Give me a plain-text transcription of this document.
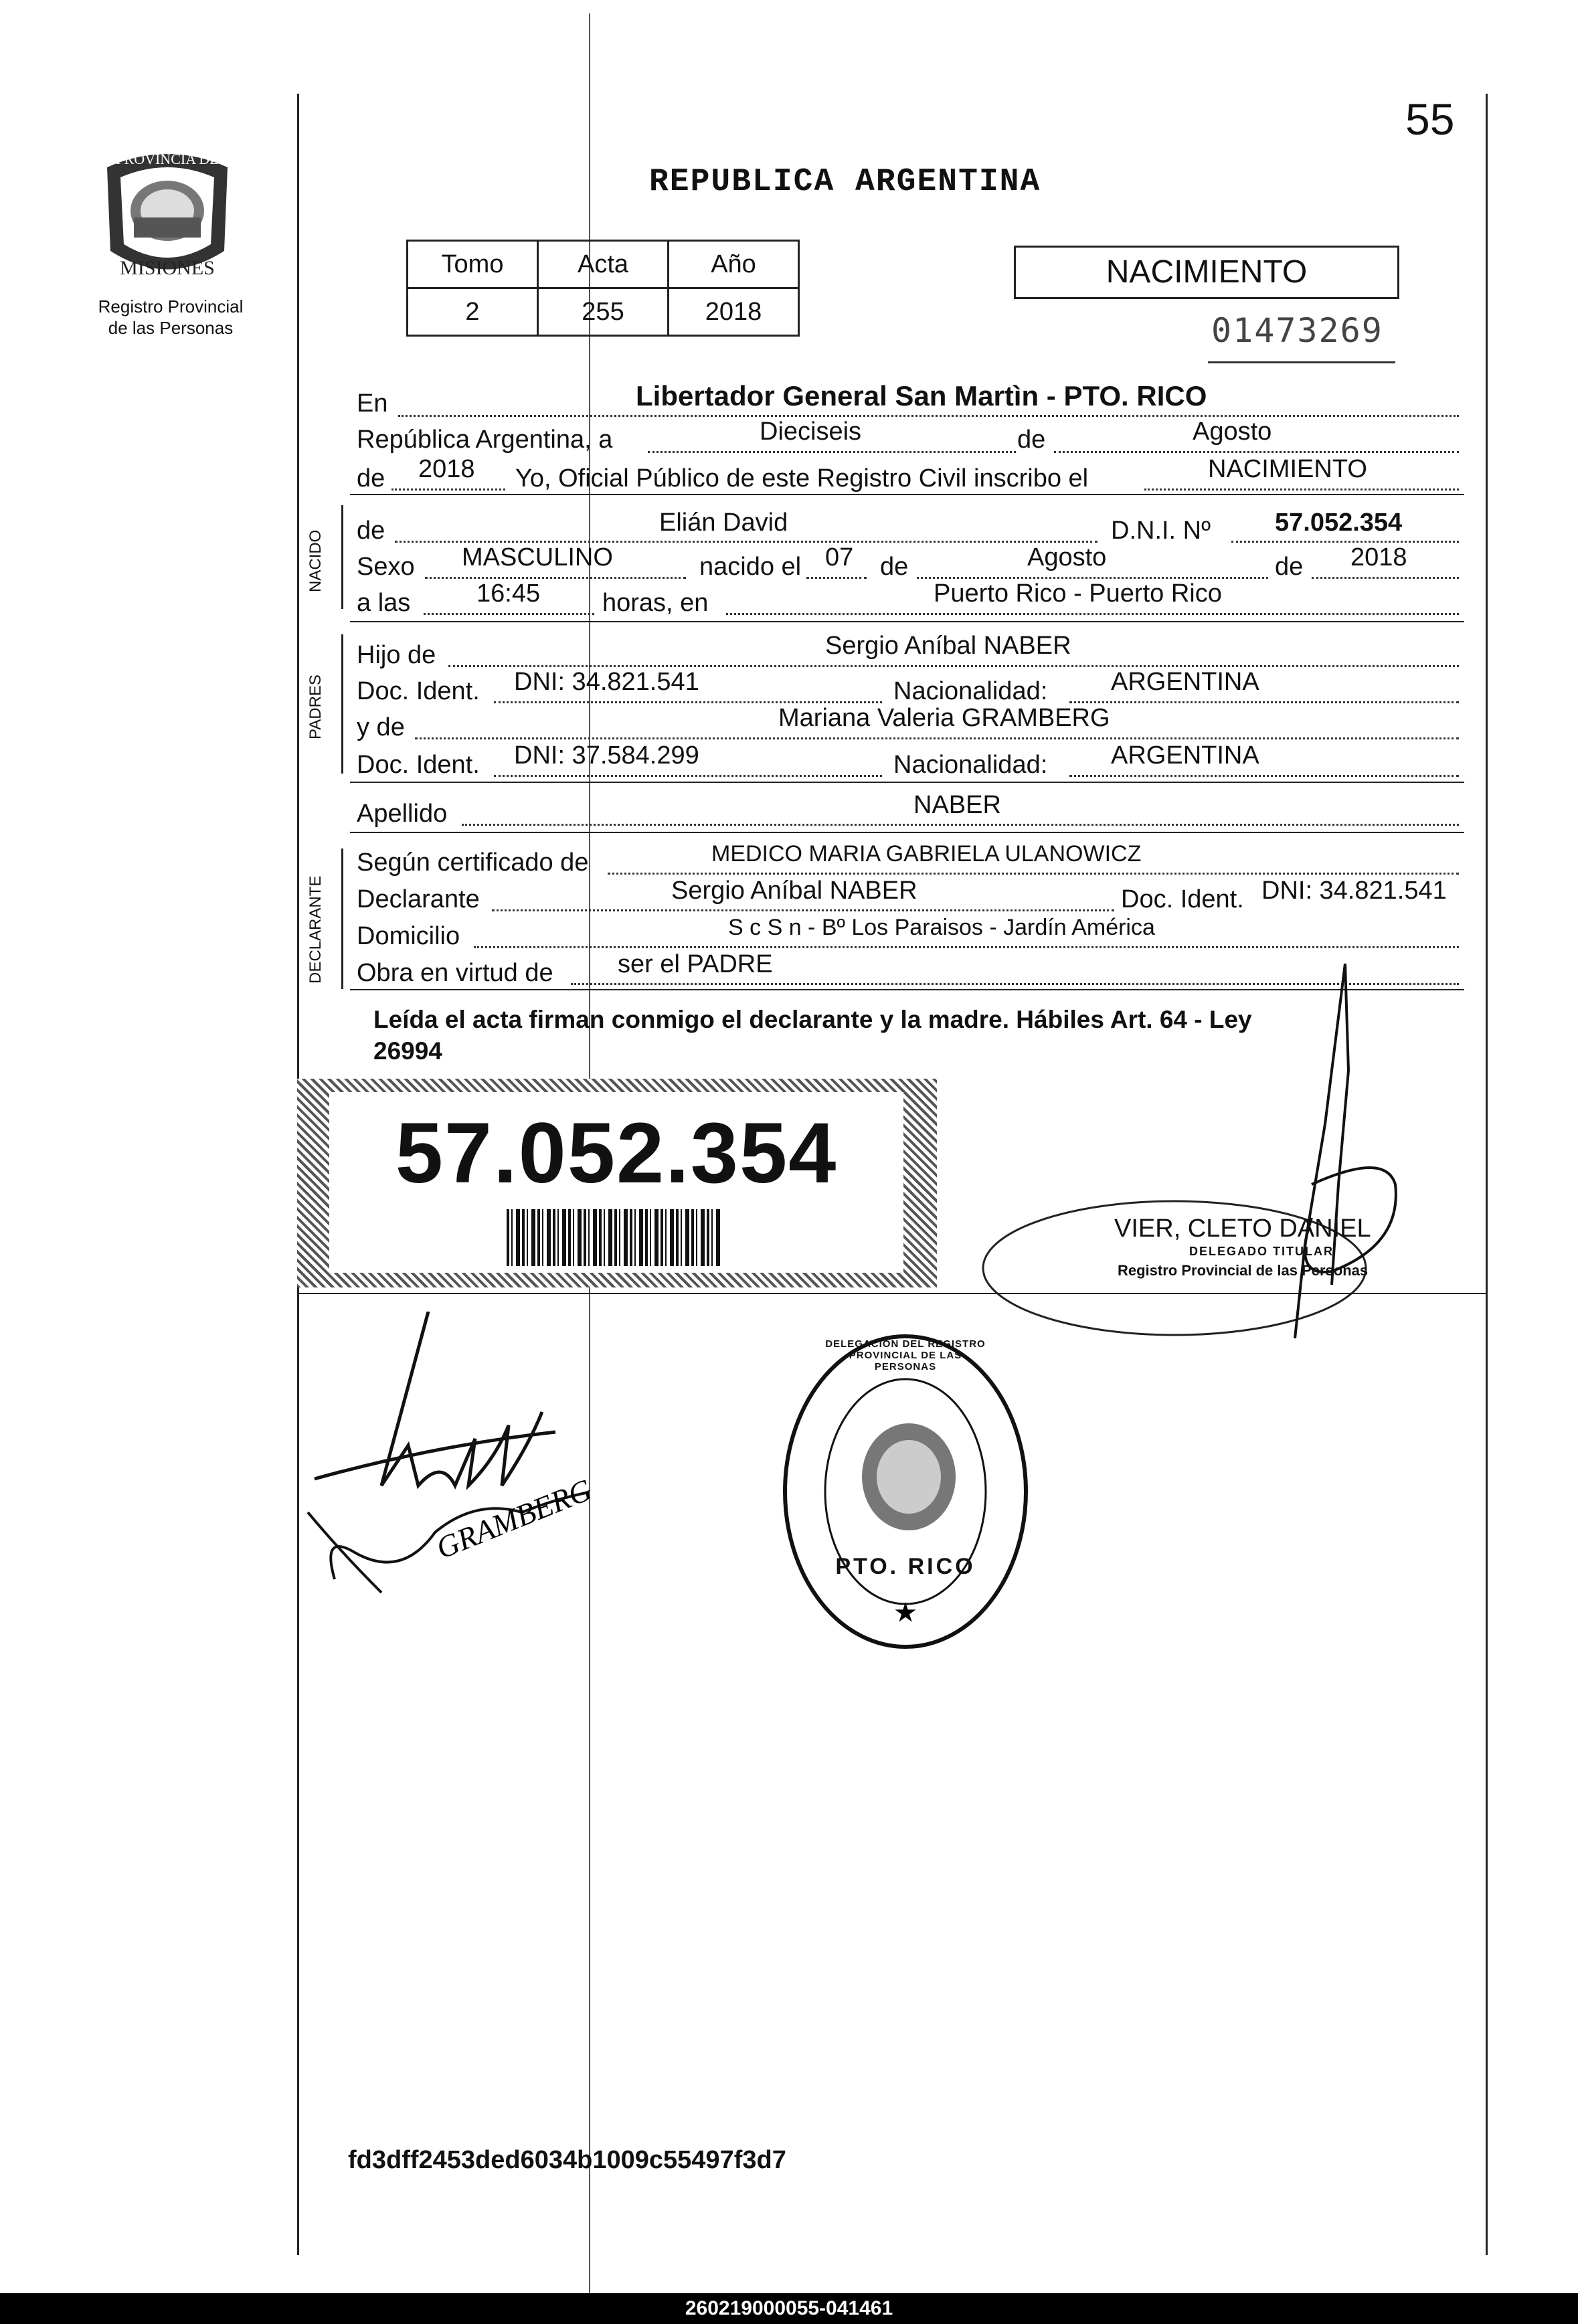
55
PROVINCIA DE
MISIONES
Registro Provincial
de las Personas
REPUBLICA ARGENTINA
Tomo	Acta	Año
2	255	2018
NACIMIENTO
01473269
En	Libertador General San Martìn - PTO. RICO
República Argentina, a	Dieciseis	de	Agosto
de 2018 Yo, Oficial Público de este Registro Civil inscribo el	NACIMIENTO
NACIDO de	Elián David	D.N.I. Nº	57.052.354
Sexo MASCULINO	nacido el 07 de	Agosto	de 2018
a las	16:45 horas, en	Puerto Rico - Puerto Rico
PADRES
Hijo de	Sergio Aníbal NABER
Doc. Ident. DNI: 34.821.541	Nacionalidad: ARGENTINA
y de	Mariana Valeria GRAMBERG
Doc. Ident. DNI: 37.584.299	Nacionalidad: ARGENTINA
Apellido	NABER
DECLARANTE
Según certificado de	MEDICO MARIA GABRIELA ULANOWICZ
Declarante	Sergio Aníbal NABER	Doc. Ident. DNI: 34.821.541
Domicilio	S c S n - Bº Los Paraisos - Jardín América
Obra en virtud de	ser el PADRE
Leída el acta firman conmigo el declarante y la madre. Hábiles Art. 64 - Ley
26994
57.052.354
VIER, CLETO DANIEL
DELEGADO TITULAR
Registro Provincial de las Personas
★
DELEGACION DEL REGISTRO PROVINCIAL DE LAS PERSONAS
PTO. RICO
GRAMBERG
fd3dff2453ded6034b1009c55497f3d7
260219000055-041461
